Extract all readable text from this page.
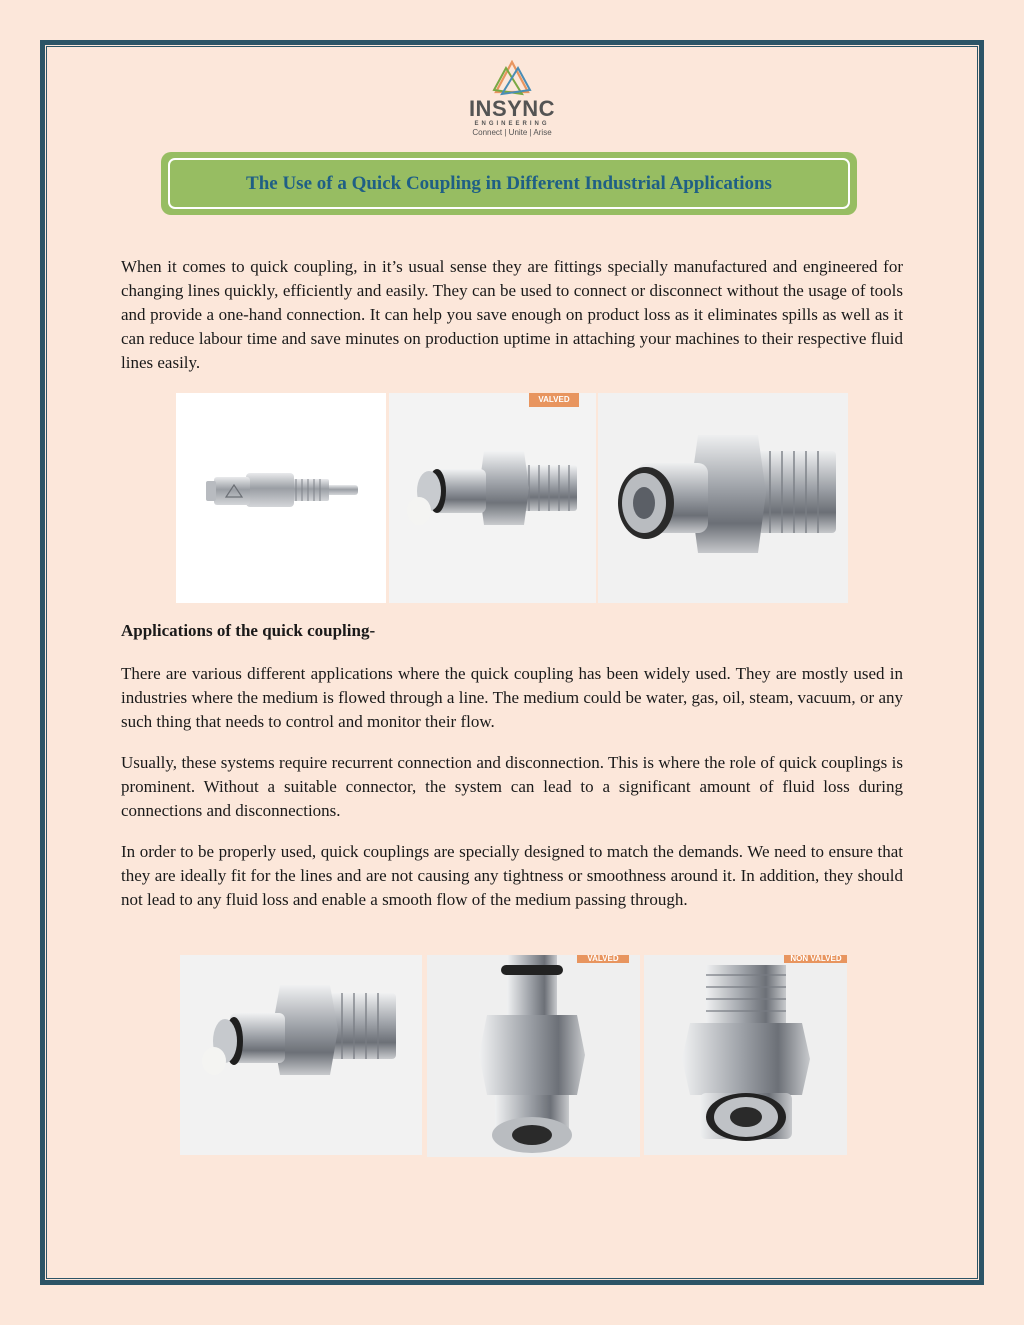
INSYNC
ENGINEERING
Connect | Unite | Arise
The Use of a Quick Coupling in Different Industrial Applications

When it comes to quick coupling, in it’s usual sense they are fittings specially manufactured and engineered for changing lines quickly, efficiently and easily. They can be used to connect or disconnect without the usage of tools and provide a one-hand connection. It can help you save enough on product loss as it eliminates spills as well as it can reduce labour time and save minutes on production uptime in attaching your machines to their respective fluid lines easily.

VALVED
Applications of the quick coupling-

There are various different applications where the quick coupling has been widely used. They are mostly used in industries where the medium is flowed through a line. The medium could be water, gas, oil, steam, vacuum, or any such thing that needs to control and monitor their flow.

Usually, these systems require recurrent connection and disconnection. This is where the role of quick couplings is prominent. Without a suitable connector, the system can lead to a significant amount of fluid loss during connections and disconnections.

In order to be properly used, quick couplings are specially designed to match the demands. We need to ensure that they are ideally fit for the lines and are not causing any tightness or smoothness around it. In addition, they should not lead to any fluid loss and enable a smooth flow of the medium passing through.

VALVED	NON VALVED
